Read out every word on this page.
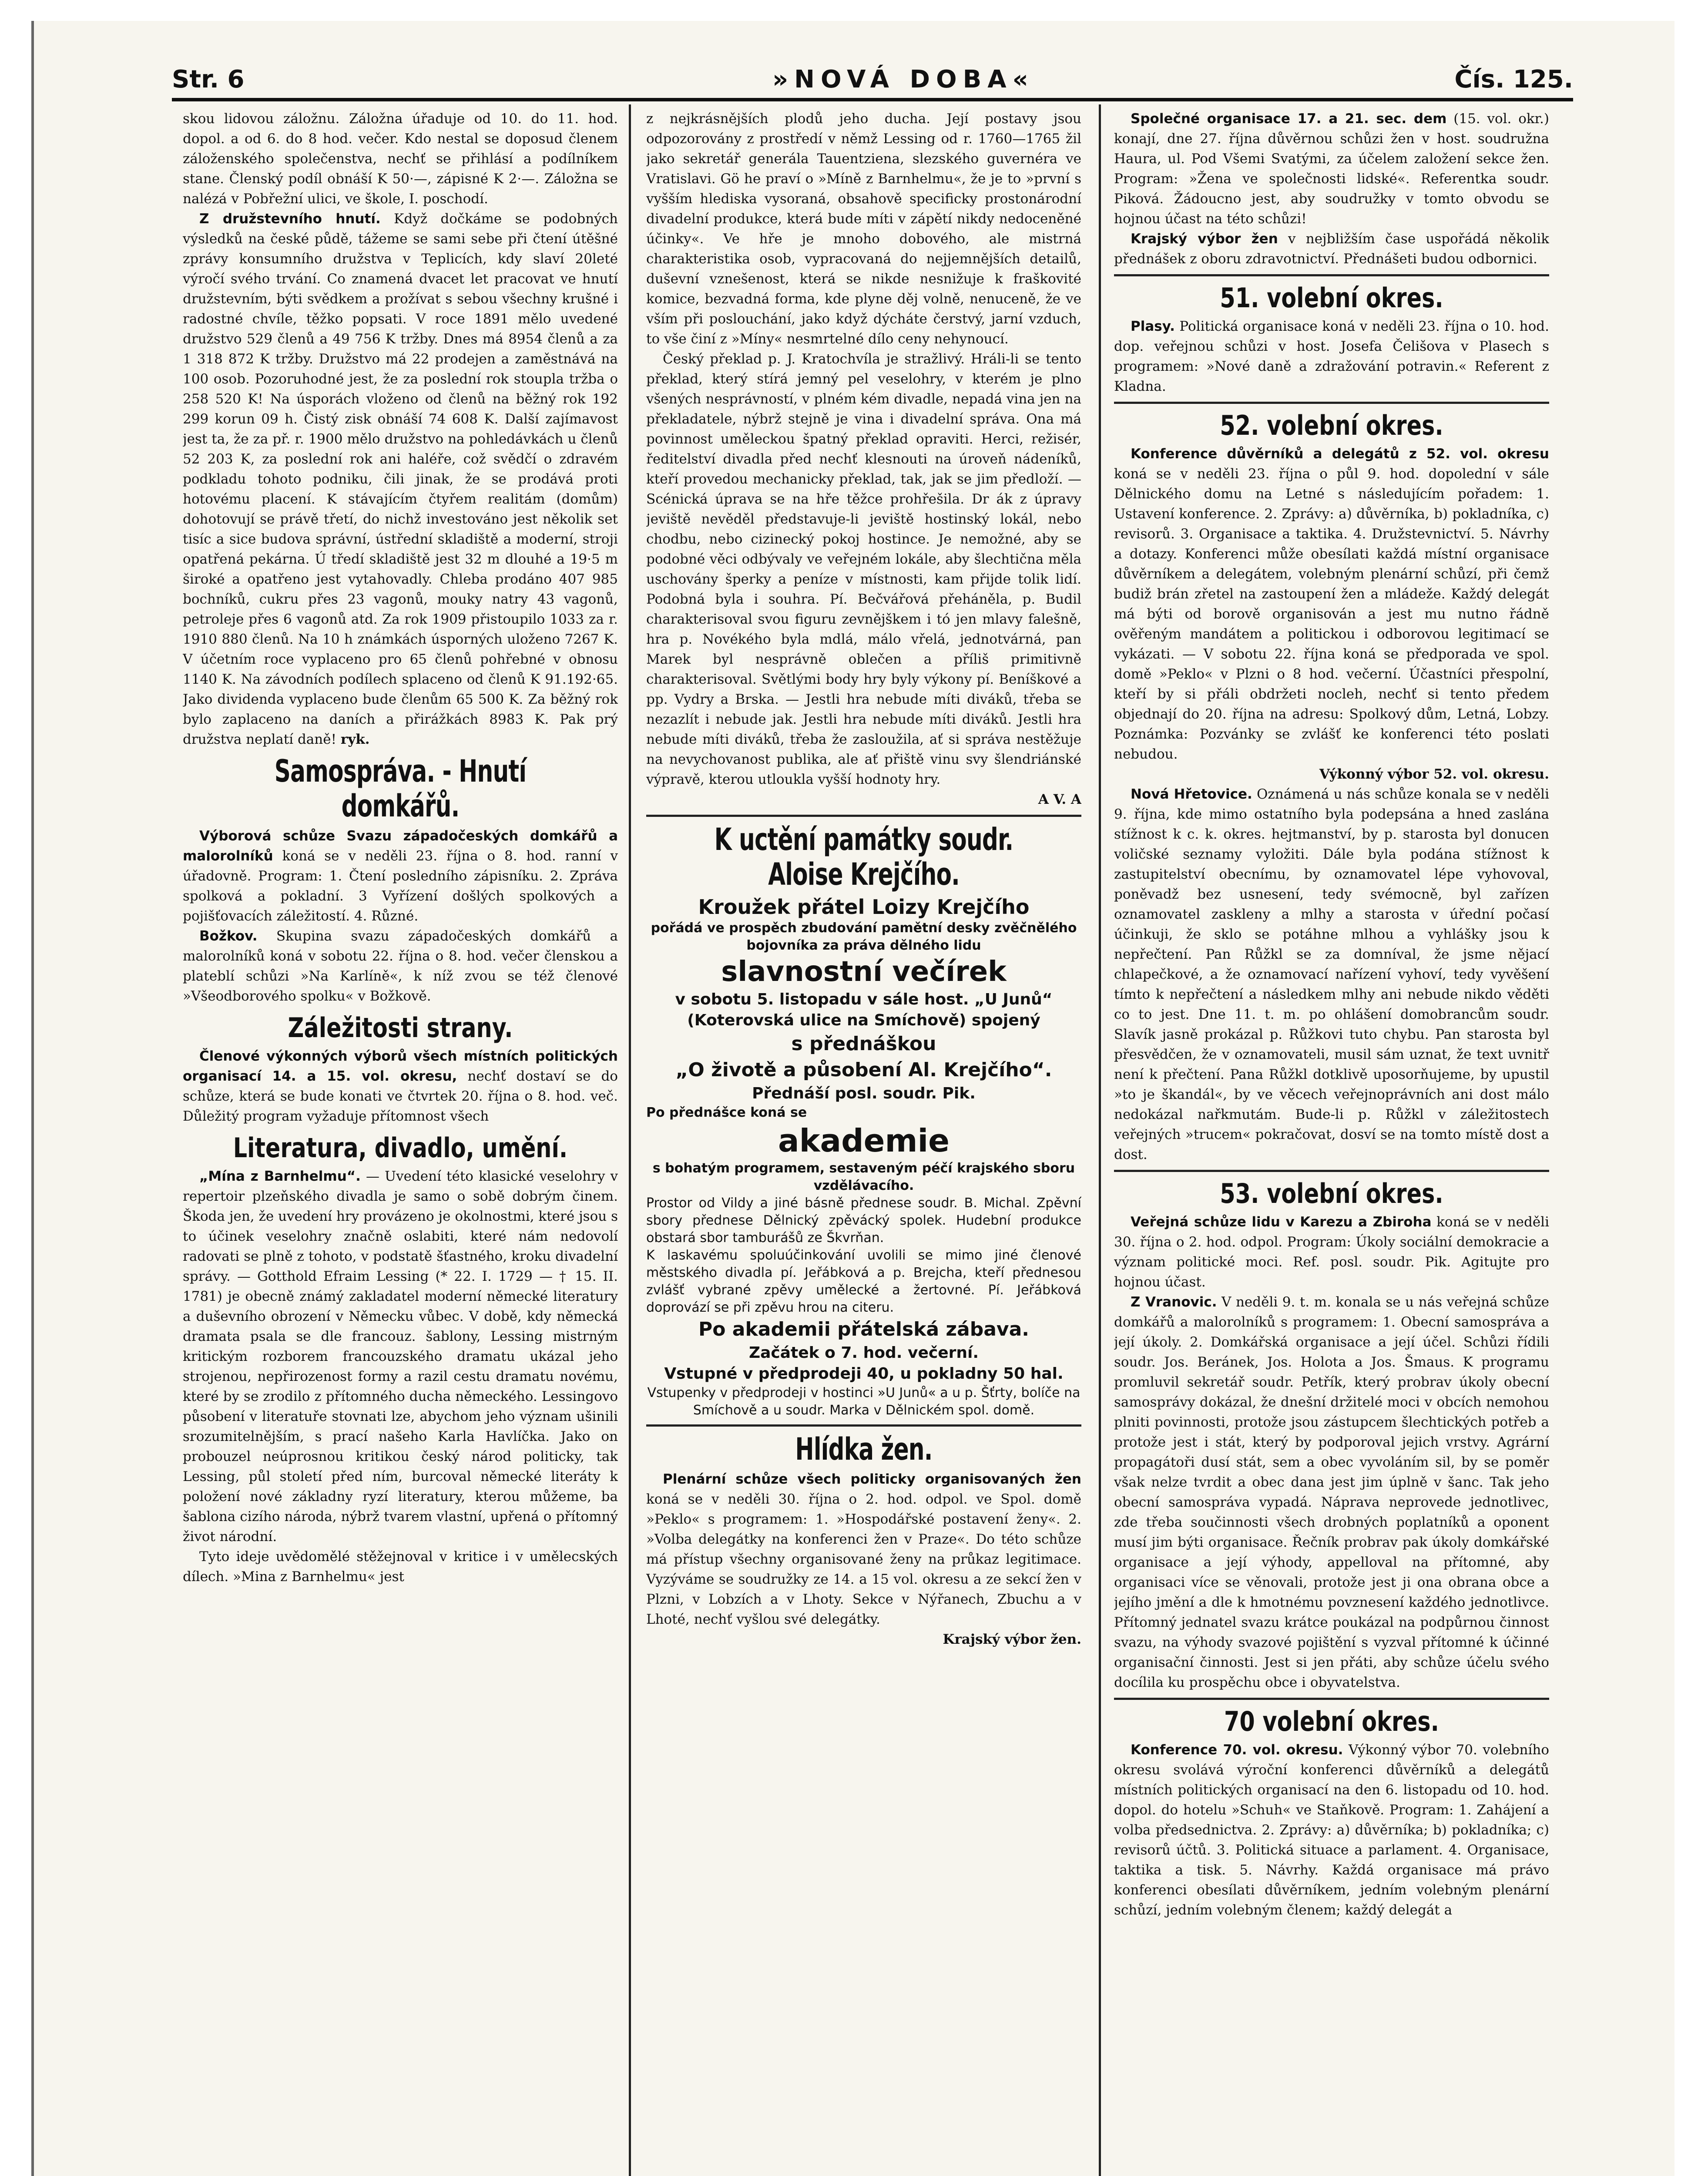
Str. 6	»NOVÁ DOBA«	Čís. 125.

skou lidovou záložnu. Záložna úřaduje od 10. do 11. hod. dopol. a od 6. do 8 hod. večer. Kdo nestal se doposud členem záloženského společenstva, nechť se přihlásí a podílníkem stane. Členský podíl obnáší K 50·—, zápisné K 2·—. Záložna se nalézá v Pobřežní ulici, ve škole, I. poschodí.

Z družstevního hnutí. Když dočkáme se podobných výsledků na české půdě, tážeme se sami sebe při čtení útěšné zprávy konsumního družstva v Teplicích, kdy slaví 20leté výročí svého trvání. Co znamená dvacet let pracovat ve hnutí družstevním, býti svědkem a prožívat s sebou všechny krušné i radostné chvíle, těžko popsati. V roce 1891 mělo uvedené družstvo 529 členů a 49 756 K tržby. Dnes má 8954 členů a za 1 318 872 K tržby. Družstvo má 22 prodejen a zaměstnává na 100 osob. Pozoruhodné jest, že za poslední rok stoupla tržba o 258 520 K! Na úsporách vloženo od členů na běžný rok 192 299 korun 09 h. Čistý zisk obnáší 74 608 K. Další zajímavost jest ta, že za př. r. 1900 mělo družstvo na pohledávkách u členů 52 203 K, za poslední rok ani haléře, což svědčí o zdravém podkladu tohoto podniku, čili jinak, že se prodává proti hotovému placení. K stávajícím čtyřem realitám (domům) dohotovují se právě třetí, do nichž investováno jest několik set tisíc a sice budova správní, ústřední skladiště a moderní, stroji opatřená pekárna. Ú tředí skladiště jest 32 m dlouhé a 19·5 m široké a opatřeno jest vytahovadly. Chleba prodáno 407 985 bochníků, cukru přes 23 vagonů, mouky natry 43 vagonů, petroleje přes 6 vagonů atd. Za rok 1909 přistoupilo 1033 za r. 1910 880 členů. Na 10 h známkách úsporných uloženo 7267 K. V účetním roce vyplaceno pro 65 členů pohřebné v obnosu 1140 K. Na závodních podílech splaceno od členů K 91.192·65. Jako dividenda vyplaceno bude členům 65 500 K. Za běžný rok bylo zaplaceno na daních a přirážkách 8983 K. Pak prý družstva neplatí daně! ryk.

Samospráva. - Hnutí domkářů.

Výborová schůze Svazu západočeských domkářů a malorolníků koná se v neděli 23. října o 8. hod. ranní v úřadovně. Program: 1. Čtení posledního zápisníku. 2. Zpráva spolková a pokladní. 3 Vyřízení došlých spolkových a pojišťovacích záležitostí. 4. Různé.

Božkov. Skupina svazu západočeských domkářů a malorolníků koná v sobotu 22. října o 8. hod. večer členskou a plateblí schůzi »Na Karlíně«, k níž zvou se též členové »Všeodborového spolku« v Božkově.

Záležitosti strany.

Členové výkonných výborů všech místních politických organisací 14. a 15. vol. okresu, nechť dostaví se do schůze, která se bude konati ve čtvrtek 20. října o 8. hod. več. Důležitý program vyžaduje přítomnost všech

Literatura, divadlo, umění.

„Mína z Barnhelmu“. — Uvedení této klasické veselohry v repertoir plzeňského divadla je samo o sobě dobrým činem. Škoda jen, že uvedení hry provázeno je okolnostmi, které jsou s to účinek veselohry značně oslabiti, které nám nedovolí radovati se plně z tohoto, v podstatě šťastného, kroku divadelní správy. — Gotthold Efraim Lessing (* 22. I. 1729 — † 15. II. 1781) je obecně známý zakladatel moderní německé literatury a duševního obrození v Německu vůbec. V době, kdy německá dramata psala se dle francouz. šablony, Lessing mistrným kritickým rozborem francouzského dramatu ukázal jeho strojenou, nepřirozenost formy a razil cestu dramatu novému, které by se zrodilo z přítomného ducha německého. Lessingovo působení v literatuře stovnati lze, abychom jeho význam ušinili srozumitelnějším, s prací našeho Karla Havlíčka. Jako on probouzel neúprosnou kritikou český národ politicky, tak Lessing, půl století před ním, burcoval německé literáty k položení nové základny ryzí literatury, kterou můžeme, ba šablona cizího národa, nýbrž tvarem vlastní, upřená o přítomný život národní.

Tyto ideje uvědomělé stěžejnoval v kritice i v umělecských dílech. »Mina z Barnhelmu« jest

z nejkrásnějších plodů jeho ducha. Její postavy jsou odpozorovány z prostředí v němž Lessing od r. 1760—1765 žil jako sekretář generála Tauentziena, slezského guvernéra ve Vratislavi. Gö he praví o »Míně z Barnhelmu«, že je to »první s vyšším hlediska vysoraná, obsahově specificky prostonárodní divadelní produkce, která bude míti v zápětí nikdy nedoceněné účinky«. Ve hře je mnoho dobového, ale mistrná charakteristika osob, vypracovaná do nejjemnějších detailů, duševní vznešenost, která se nikde nesnižuje k fraškovité komice, bezvadná forma, kde plyne děj volně, nenuceně, že ve vším při poslouchání, jako když dýcháte čerstvý, jarní vzduch, to vše činí z »Míny« nesmrtelné dílo ceny nehynoucí.

Český překlad p. J. Kratochvíla je stražlivý. Hráli-li se tento překlad, který stírá jemný pel veselohry, v kterém je plno všených nesprávností, v plném kém divadle, nepadá vina jen na překladatele, nýbrž stejně je vina i divadelní správa. Ona má povinnost uměleckou špatný překlad opraviti. Herci, režisér, ředitelství divadla před nechť klesnouti na úroveň nádeníků, kteří provedou mechanicky překlad, tak, jak se jim předloží. — Scénická úprava se na hře těžce prohřešila. Dr ák z úpravy jeviště nevěděl představuje-li jeviště hostinský lokál, nebo chodbu, nebo cizinecký pokoj hostince. Je nemožné, aby se podobné věci odbývaly ve veřejném lokále, aby šlechtična měla uschovány šperky a peníze v místnosti, kam přijde tolik lidí. Podobná byla i souhra. Pí. Bečvářová přeháněla, p. Budil charakterisoval svou figuru zevnějškem i tó jen mlavy falešně, hra p. Novékého byla mdlá, málo vřelá, jednotvárná, pan Marek byl nesprávně oblečen a příliš primitivně charakterisoval. Světlými body hry byly výkony pí. Beníškové a pp. Vydry a Brska. — Jestli hra nebude míti diváků, třeba se nezazlít i nebude jak. Jestli hra nebude míti diváků. Jestli hra nebude míti diváků, třeba že zasloužila, ať si správa nestěžuje na nevychovanost publika, ale ať přiště vinu svy šlendriánské výpravě, kterou utloukla vyšší hodnoty hry.

A V. A
K uctění památky soudr. Aloise Krejčího.
Kroužek přátel Loizy Krejčího
pořádá ve prospěch zbudování pamětní desky zvěčnělého bojovníka za práva dělného lidu
slavnostní večírek
v sobotu 5. listopadu v sále host. „U Junů“ (Koterovská ulice na Smíchově) spojený
s přednáškou
„O životě a působení Al. Krejčího“.
Přednáší posl. soudr. Pik.
Po přednášce koná se
akademie
s bohatým programem, sestaveným péčí krajského sboru vzdělávacího.
Prostor od Vildy a jiné básně přednese soudr. B. Michal. Zpěvní sbory přednese Dělnický zpěvácký spolek. Hudební produkce obstará sbor tamburášů ze Škvrňan.
K laskavému spoluúčinkování uvolili se mimo jiné členové městského divadla pí. Jeřábková a p. Brejcha, kteří přednesou zvlášť vybrané zpěvy umělecké a žertovné. Pí. Jeřábková doprovází se při zpěvu hrou na citeru.
Po akademii přátelská zábava.
Začátek o 7. hod. večerní.
Vstupné v předprodeji 40, u pokladny 50 hal.
Vstupenky v předprodeji v hostinci »U Junů« a u p. Šťrty, bolíče na Smíchově a u soudr. Marka v Dělnickém spol. domě.
Hlídka žen.

Plenární schůze všech politicky organisovaných žen koná se v neděli 30. října o 2. hod. odpol. ve Spol. domě »Peklo« s programem: 1. »Hospodářské postavení ženy«. 2. »Volba delegátky na konferenci žen v Praze«. Do této schůze má přístup všechny organisované ženy na průkaz legitimace. Vyzýváme se soudružky ze 14. a 15 vol. okresu a ze sekcí žen v Plzni, v Lobzích a v Lhoty. Sekce v Nýřanech, Zbuchu a v Lhoté, nechť vyšlou své delegátky.

Krajský výbor žen.

Společné organisace 17. a 21. sec. dem (15. vol. okr.) konají, dne 27. října důvěrnou schůzi žen v host. soudružna Haura, ul. Pod Všemi Svatými, za účelem založení sekce žen. Program: »Žena ve společnosti lidské«. Referentka soudr. Piková. Žádoucno jest, aby soudružky v tomto obvodu se hojnou účast na této schůzi!

Krajský výbor žen v nejbližším čase uspořádá několik přednášek z oboru zdravotnictví. Přednášeti budou odbornici.

51. volební okres.

Plasy. Politická organisace koná v neděli 23. října o 10. hod. dop. veřejnou schůzi v host. Josefa Čelišova v Plasech s programem: »Nové daně a zdražování potravin.« Referent z Kladna.

52. volební okres.

Konference důvěrníků a delegátů z 52. vol. okresu koná se v neděli 23. října o půl 9. hod. dopolední v sále Dělnického domu na Letné s následujícím pořadem: 1. Ustavení konference. 2. Zprávy: a) důvěrníka, b) pokladníka, c) revisorů. 3. Organisace a taktika. 4. Družstevnictví. 5. Návrhy a dotazy. Konferenci může obesílati každá místní organisace důvěrníkem a delegátem, volebným plenární schůzí, při čemž budiž brán zřetel na zastoupení žen a mládeže. Každý delegát má býti od borově organisován a jest mu nutno řádně ověřeným mandátem a politickou i odborovou legitimací se vykázati. — V sobotu 22. října koná se předporada ve spol. domě »Peklo« v Plzni o 8 hod. večerní. Účastníci přespolní, kteří by si přáli obdržeti nocleh, nechť si tento předem objednají do 20. října na adresu: Spolkový dům, Letná, Lobzy. Poznámka: Pozvánky se zvlášť ke konferenci této poslati nebudou.

Výkonný výbor 52. vol. okresu.

Nová Hřetovice. Oznámená u nás schůze konala se v neděli 9. října, kde mimo ostatního byla podepsána a hned zaslána stížnost k c. k. okres. hejtmanství, by p. starosta byl donucen voličské seznamy vyložiti. Dále byla podána stížnost k zastupitelství obecnímu, by oznamovatel lépe vyhovoval, poněvadž bez usnesení, tedy svémocně, byl zařízen oznamovatel zaskleny a mlhy a starosta v úřední počasí účinkuji, že sklo se potáhne mlhou a vyhlášky jsou k nepřečtení. Pan Růžkl se za domníval, že jsme nějací chlapečkové, a že oznamovací nařízení vyhoví, tedy vyvěšení tímto k nepřečtení a následkem mlhy ani nebude nikdo věděti co to jest. Dne 11. t. m. po ohlášení domobrancům soudr. Slavík jasně prokázal p. Růžkovi tuto chybu. Pan starosta byl přesvědčen, že v oznamovateli, musil sám uznat, že text uvnitř není k přečtení. Pana Růžkl dotklivě uposorňujeme, by upustil »to je škandál«, by ve věcech veřejnoprávních ani dost málo nedokázal nařkmutám. Bude-li p. Růžkl v záležitostech veřejných »trucem« pokračovat, dosví se na tomto místě dost a dost.

53. volební okres.

Veřejná schůze lidu v Karezu a Zbiroha koná se v neděli 30. října o 2. hod. odpol. Program: Úkoly sociální demokracie a význam politické moci. Ref. posl. soudr. Pik. Agitujte pro hojnou účast.

Z Vranovic. V neděli 9. t. m. konala se u nás veřejná schůze domkářů a malorolníků s programem: 1. Obecní samospráva a její úkoly. 2. Domkářská organisace a její účel. Schůzi řídili soudr. Jos. Beránek, Jos. Holota a Jos. Šmaus. K programu promluvil sekretář soudr. Petřík, který probrav úkoly obecní samosprávy dokázal, že dnešní držitelé moci v obcích nemohou plniti povinnosti, protože jsou zástupcem šlechtických potřeb a protože jest i stát, který by podporoval jejich vrstvy. Agrární propagátoři dusí stát, sem a obec vyvoláním sil, by se poměr však nelze tvrdit a obec dana jest jim úplně v šanc. Tak jeho obecní samospráva vypadá. Náprava neprovede jednotlivec, zde třeba součinnosti všech drobných poplatníků a oponent musí jim býti organisace. Řečník probrav pak úkoly domkářské organisace a její výhody, appelloval na přítomné, aby organisaci více se věnovali, protože jest ji ona obrana obce a jejího jmění a dle k hmotnému povznesení každého jednotlivce. Přítomný jednatel svazu krátce poukázal na podpůrnou činnost svazu, na výhody svazové pojištění s vyzval přítomné k účinné organisační činnosti. Jest si jen přáti, aby schůze účelu svého docílila ku prospěchu obce i obyvatelstva.

70 volební okres.

Konference 70. vol. okresu. Výkonný výbor 70. volebního okresu svolává výroční konferenci důvěrníků a delegátů místních politických organisací na den 6. listopadu od 10. hod. dopol. do hotelu »Schuh« ve Staňkově. Program: 1. Zahájení a volba předsednictva. 2. Zprávy: a) důvěrníka; b) pokladníka; c) revisorů účtů. 3. Politická situace a parlament. 4. Organisace, taktika a tisk. 5. Návrhy. Každá organisace má právo konferenci obesílati důvěrníkem, jedním volebným plenární schůzí, jedním volebným členem; každý delegát a
